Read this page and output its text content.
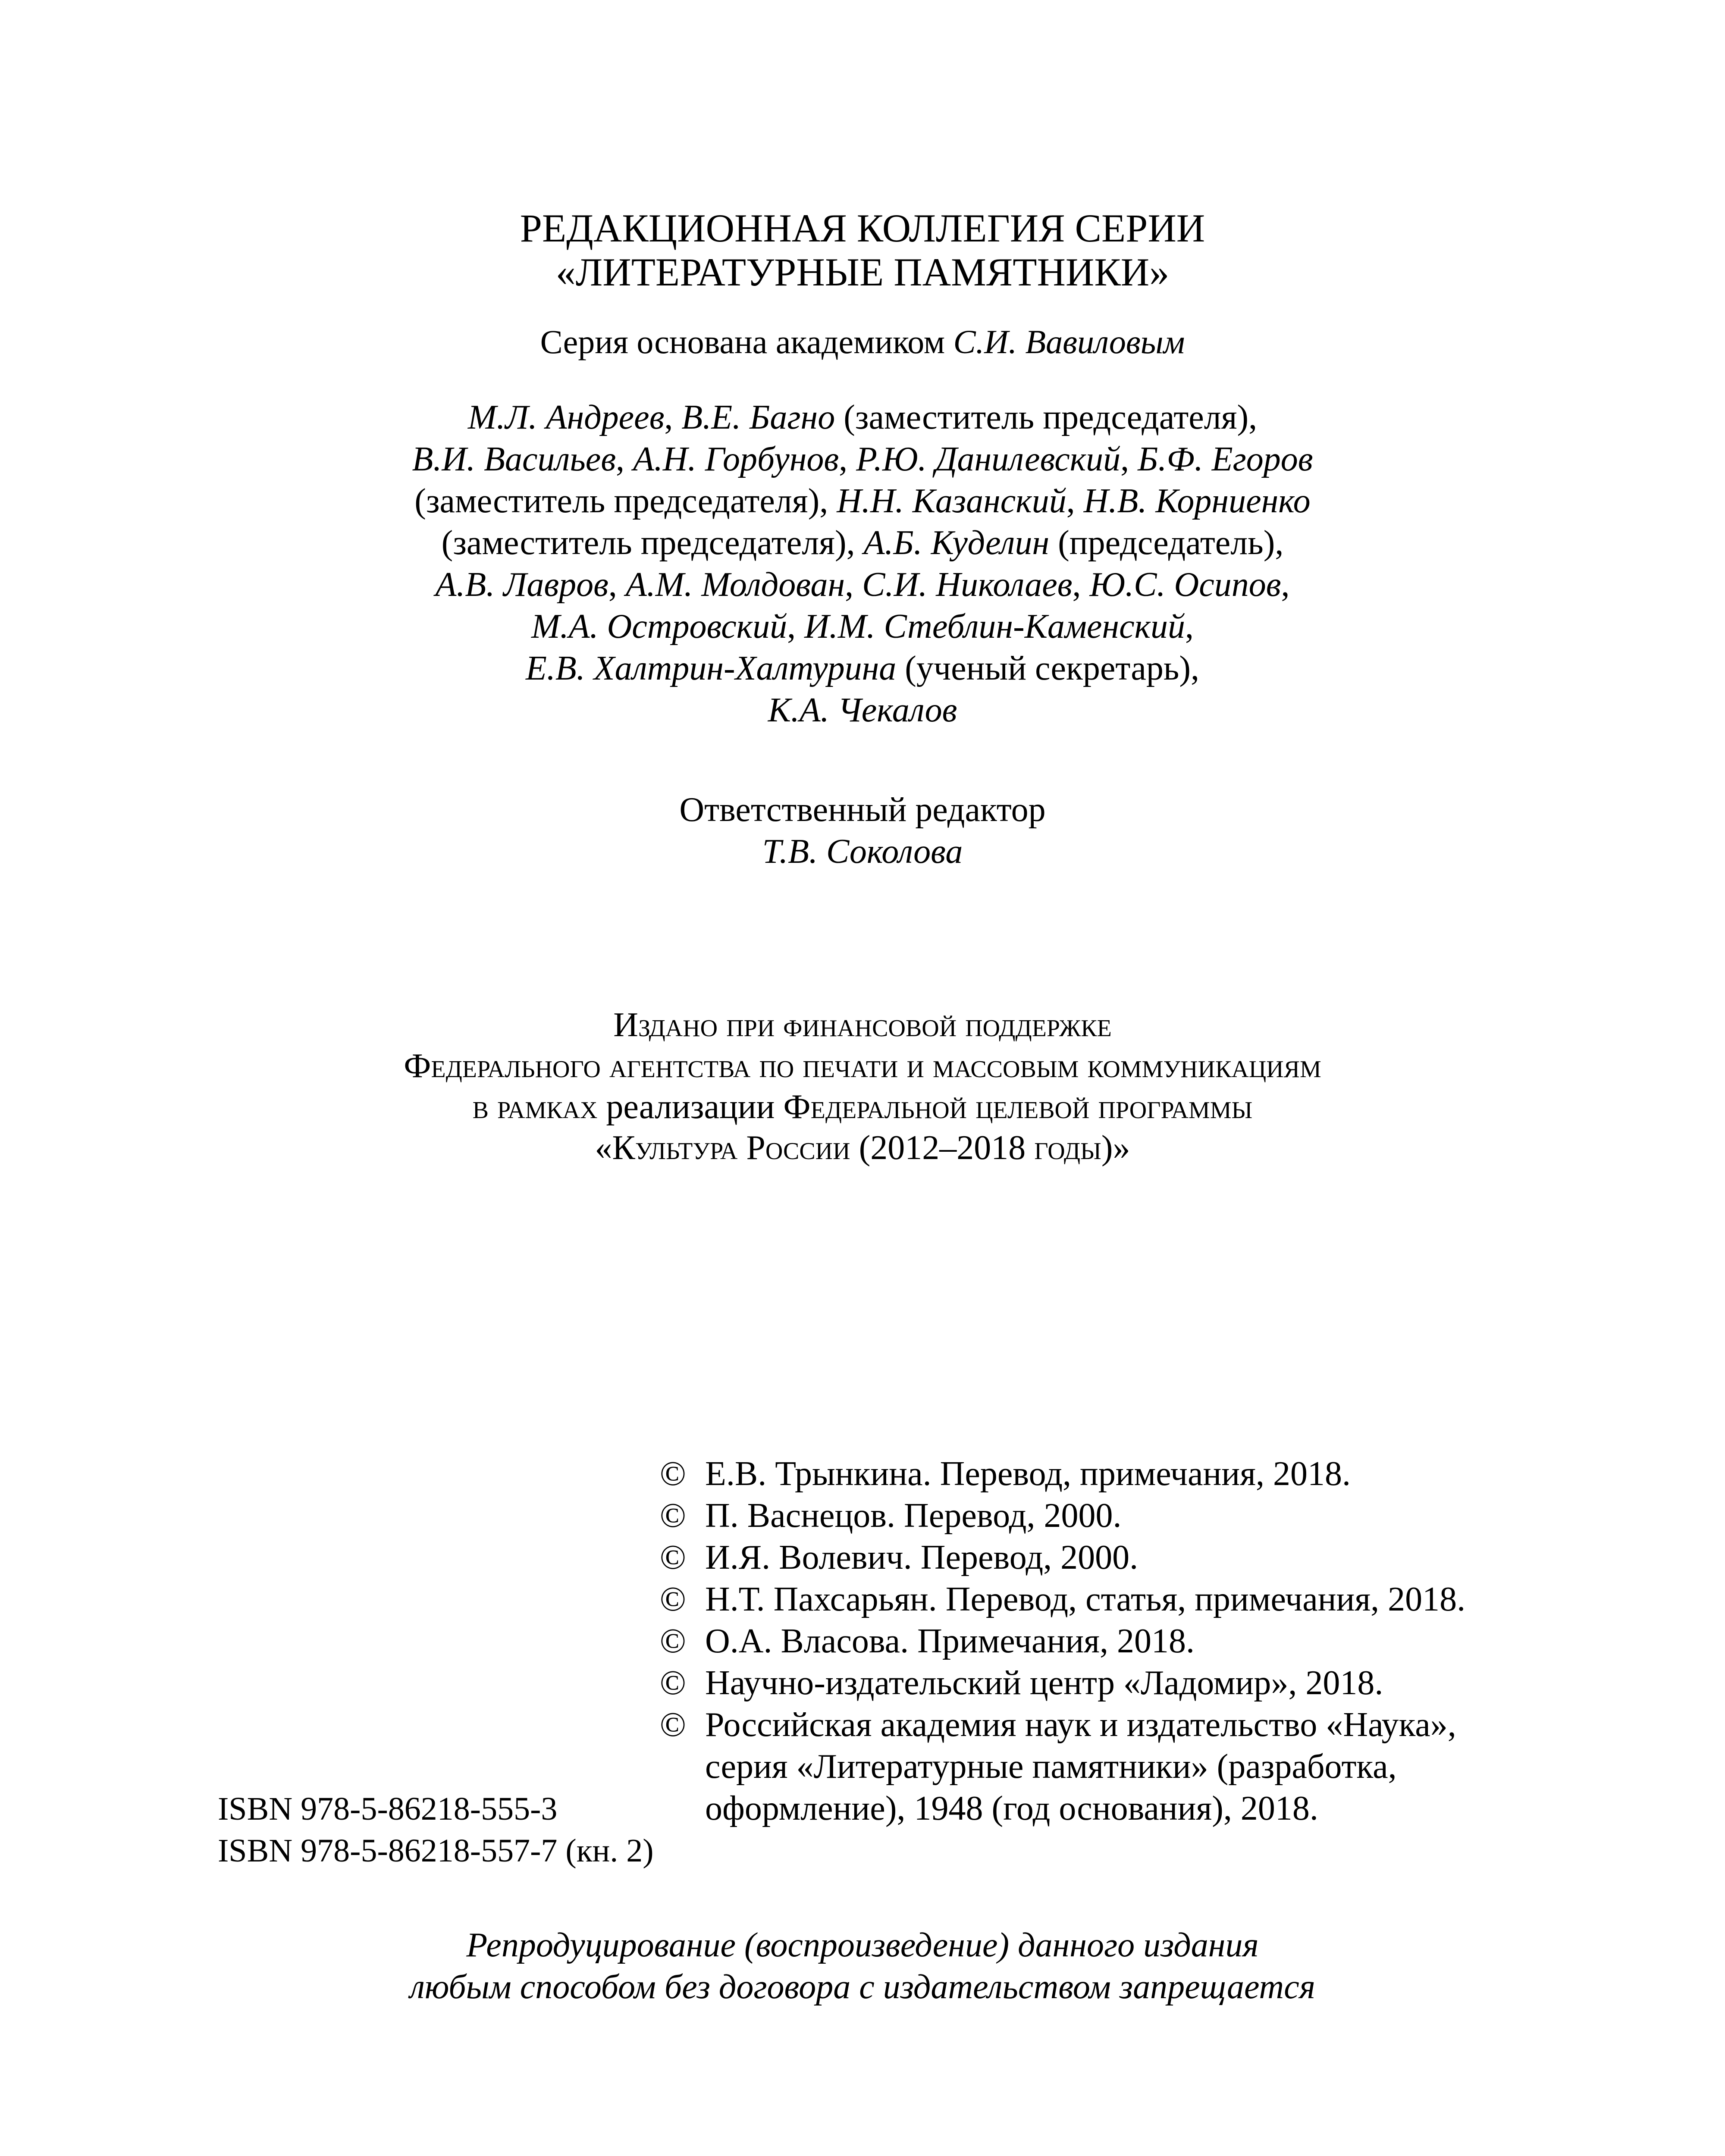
РЕДАКЦИОННАЯ КОЛЛЕГИЯ СЕРИИ
«ЛИТЕРАТУРНЫЕ ПАМЯТНИКИ»
Серия основана академиком С.И. Вавиловым
М.Л. Андреев, В.Е. Багно (заместитель председателя),
В.И. Васильев, А.Н. Горбунов, Р.Ю. Данилевский, Б.Ф. Егоров
(заместитель председателя), Н.Н. Казанский, Н.В. Корниенко
(заместитель председателя), А.Б. Куделин (председатель),
А.В. Лавров, А.М. Молдован, С.И. Николаев, Ю.С. Осипов,
М.А. Островский, И.М. Стеблин-Каменский,
Е.В. Халтрин-Халтурина (ученый секретарь),
К.А. Чекалов
Ответственный редактор
Т.В. Соколова
Издано при финансовой поддержке
Федерального агентства по печати и массовым коммуникациям
в рамках реализации Федеральной целевой программы
«Культура России (2012–2018 годы)»
© Е.В. Трынкина. Перевод, примечания, 2018.
© П. Васнецов. Перевод, 2000.
© И.Я. Волевич. Перевод, 2000.
© Н.Т. Пахсарьян. Перевод, статья, примечания, 2018.
© О.А. Власова. Примечания, 2018.
© Научно-издательский центр «Ладомир», 2018.
© Российская академия наук и издательство «Наука»,
серия «Литературные памятники» (разработка,
оформление), 1948 (год основания), 2018.
ISBN 978-5-86218-555-3
ISBN 978-5-86218-557-7 (кн. 2)
Репродуцирование (воспроизведение) данного издания
любым способом без договора с издательством запрещается
